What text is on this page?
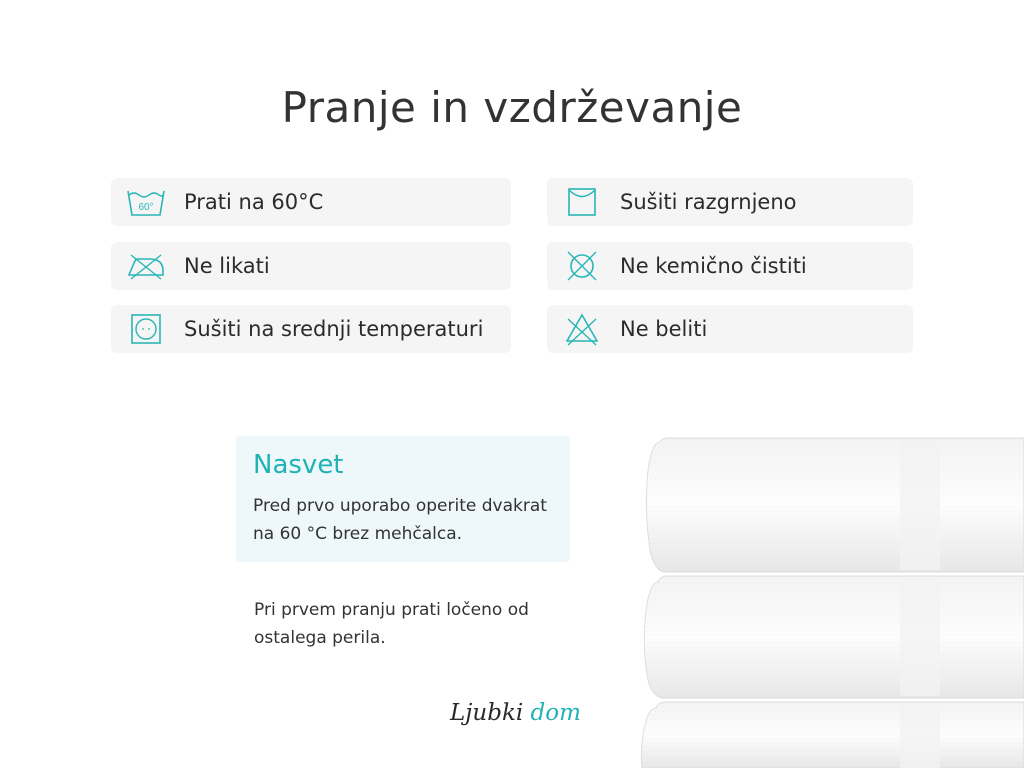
Pranje in vzdrževanje
60° Prati na 60°C
Ne likati
Sušiti na srednji temperaturi
Sušiti razgrnjeno
Ne kemično čistiti
Ne beliti
Nasvet
Pred prvo uporabo operite dvakrat na 60 °C brez mehčalca.
Pri prvem pranju prati ločeno od ostalega perila.
Ljubki dom
